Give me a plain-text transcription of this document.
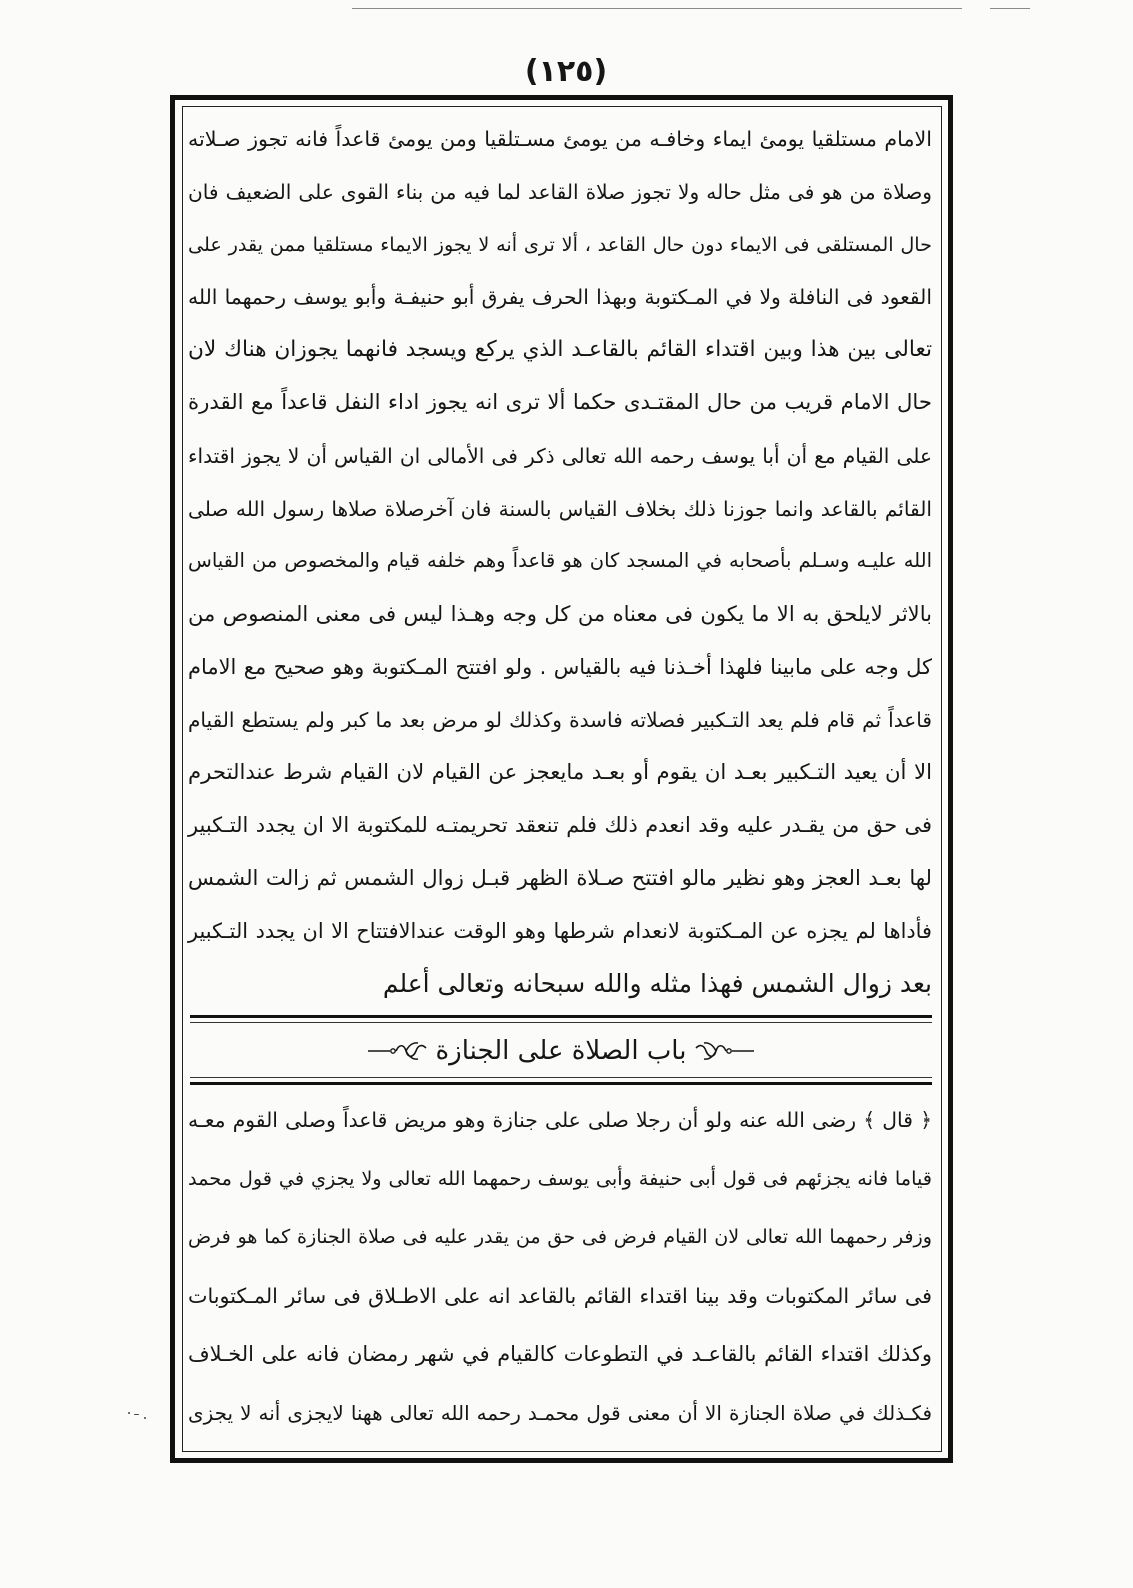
(١٢٥)
الامام مستلقيا يومئ ايماء وخافـه من يومئ مسـتلقيا ومن يومئ قاعداً فانه تجوز صـلاته
وصلاة من هو فى مثل حاله ولا تجوز صلاة القاعد لما فيه من بناء القوى على الضعيف فان
حال المستلقى فى الايماء دون حال القاعد ، ألا ترى أنه لا يجوز الايماء مستلقيا ممن يقدر على
القعود فى النافلة ولا في المـكتوبة وبهذا الحرف يفرق أبو حنيفـة وأبو يوسف رحمهما الله
تعالى بين هذا وبين اقتداء القائم بالقاعـد الذي يركع ويسجد فانهما يجوزان هناك لان
حال الامام قريب من حال المقتـدى حكما ألا ترى انه يجوز اداء النفل قاعداً مع القدرة
على القيام مع أن أبا يوسف رحمه الله تعالى ذكر فى الأمالى ان القياس أن لا يجوز اقتداء
القائم بالقاعد وانما جوزنا ذلك بخلاف القياس بالسنة فان آخرصلاة صلاها رسول الله صلى
الله عليـه وسـلم بأصحابه في المسجد كان هو قاعداً وهم خلفه قيام والمخصوص من القياس
بالاثر لايلحق به الا ما يكون فى معناه من كل وجه وهـذا ليس فى معنى المنصوص من
كل وجه على مابينا فلهذا أخـذنا فيه بالقياس . ولو افتتح المـكتوبة وهو صحيح مع الامام
قاعداً ثم قام فلم يعد التـكبير فصلاته فاسدة وكذلك لو مرض بعد ما كبر ولم يستطع القيام
الا أن يعيد التـكبير بعـد ان يقوم أو بعـد مايعجز عن القيام لان القيام شرط عندالتحرم
فى حق من يقـدر عليه وقد انعدم ذلك فلم تنعقد تحريمتـه للمكتوبة الا ان يجدد التـكبير
لها بعـد العجز وهو نظير مالو افتتح صـلاة الظهر قبـل زوال الشمس ثم زالت الشمس
فأداها لم يجزه عن المـكتوبة لانعدام شرطها وهو الوقت عندالافتتاح الا ان يجدد التـكبير
بعد زوال الشمس فهذا مثله والله سبحانه وتعالى أعلم
باب الصلاة على الجنازة
﴿ قال ﴾ رضى الله عنه ولو أن رجلا صلى على جنازة وهو مريض قاعداً وصلى القوم معـه
قياما فانه يجزئهم فى قول أبى حنيفة وأبى يوسف رحمهما الله تعالى ولا يجزي في قول محمد
وزفر رحمهما الله تعالى لان القيام فرض فى حق من يقدر عليه فى صلاة الجنازة كما هو فرض
فى سائر المكتوبات وقد بينا اقتداء القائم بالقاعد انه على الاطـلاق فى سائر المـكتوبات
وكذلك اقتداء القائم بالقاعـد في التطوعات كالقيام في شهر رمضان فانه على الخـلاف
فكـذلك في صلاة الجنازة الا أن معنى قول محمـد رحمه الله تعالى ههنا لايجزى أنه لا يجزى
